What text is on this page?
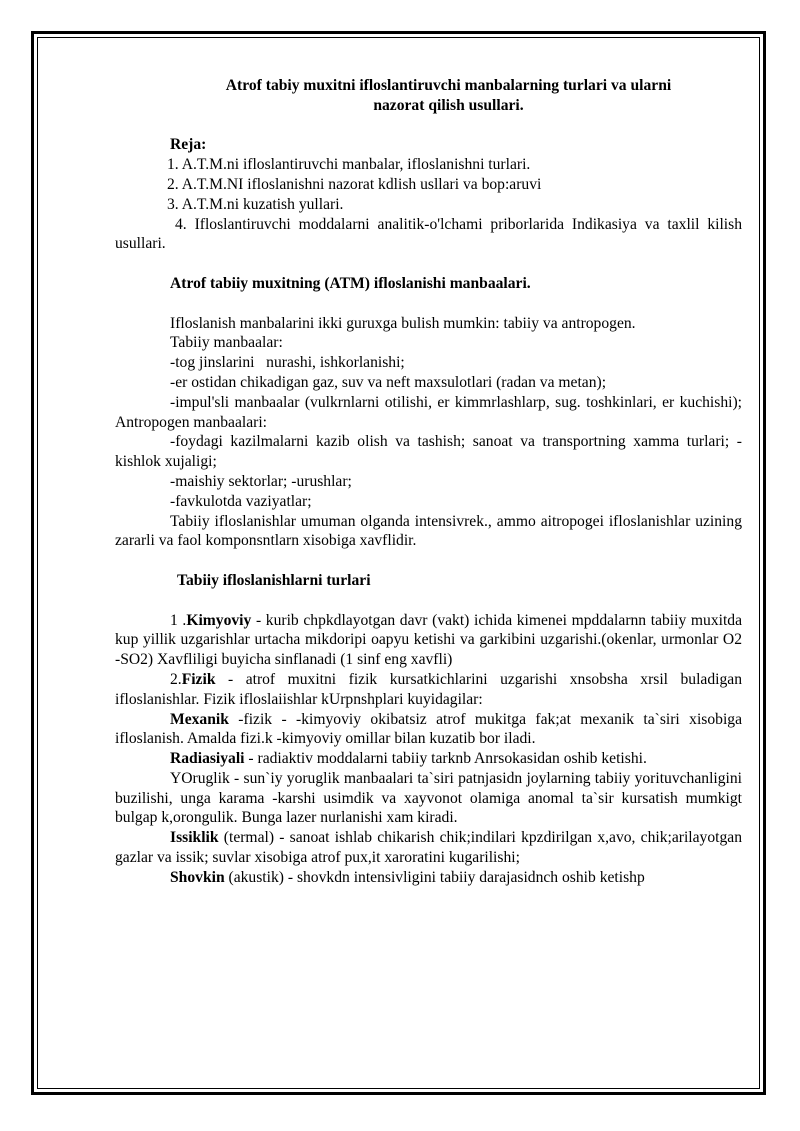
Atrof tabiy muxitni ifloslantiruvchi manbalarning turlari va ularni
nazorat qilish usullari.

Reja:

1. A.T.M.ni ifloslantiruvchi manbalar, ifloslanishni turlari.
2. A.T.M.NI ifloslanishni nazorat kdlish usllari va bop:aruvi
3. A.T.M.ni kuzatish yullari.

4. Ifloslantiruvchi moddalarni analitik-o'lchami priborlarida Indikasiya va taxlil kilish usullari.

Atrof tabiiy muxitning (ATM) ifloslanishi manbaalari.

Ifloslanish manbalarini ikki guruxga bulish mumkin: tabiiy va antropogen.

Tabiiy manbaalar:

-tog jinslarini   nurashi, ishkorlanishi;

-er ostidan chikadigan gaz, suv va neft maxsulotlari (radan va metan);

-impul'sli manbaalar (vulkrnlarni otilishi, er kimmrlashlarp, sug. toshkinlari, er kuchishi); Antropogen manbaalari:

-foydagi kazilmalarni kazib olish va tashish; sanoat va transportning xamma turlari; -kishlok xujaligi;

-maishiy sektorlar; -urushlar;

-favkulotda vaziyatlar;

Tabiiy ifloslanishlar umuman olganda intensivrek., ammo aitropogei ifloslanishlar uzining zararli va faol komponsntlarn xisobiga xavflidir.

Tabiiy ifloslanishlarni turlari

1 .Kimyoviy - kurib chpkdlayotgan davr (vakt) ichida kimenei mpddalarnn tabiiy muxitda kup yillik uzgarishlar urtacha mikdoripi oapyu ketishi va garkibini uzgarishi.(okenlar, urmonlar O2 -SO2) Xavfliligi buyicha sinflanadi (1 sinf eng xavfli)

2.Fizik - atrof muxitni fizik kursatkichlarini uzgarishi xnsobsha xrsil buladigan ifloslanishlar. Fizik ifloslaiishlar kUrpnshplari kuyidagilar:

Mexanik -fizik - -kimyoviy okibatsiz atrof mukitga fak;at mexanik ta`siri xisobiga ifloslanish. Amalda fizi.k -kimyoviy omillar bilan kuzatib bor iladi.

Radiasiyali - radiaktiv moddalarni tabiiy tarknb Anrsokasidan oshib ketishi.

YOruglik - sun`iy yoruglik manbaalari ta`siri patnjasidn joylarning tabiiy yorituvchanligini buzilishi, unga karama -karshi usimdik va xayvonot olamiga anomal ta`sir kursatish mumkigt bulgap k,orongulik. Bunga lazer nurlanishi xam kiradi.

Issiklik (termal) - sanoat ishlab chikarish chik;indilari kpzdirilgan x,avo, chik;arilayotgan gazlar va issik; suvlar xisobiga atrof pux,it xaroratini kugarilishi;

Shovkin (akustik) - shovkdn intensivligini tabiiy darajasidnch oshib ketishp
